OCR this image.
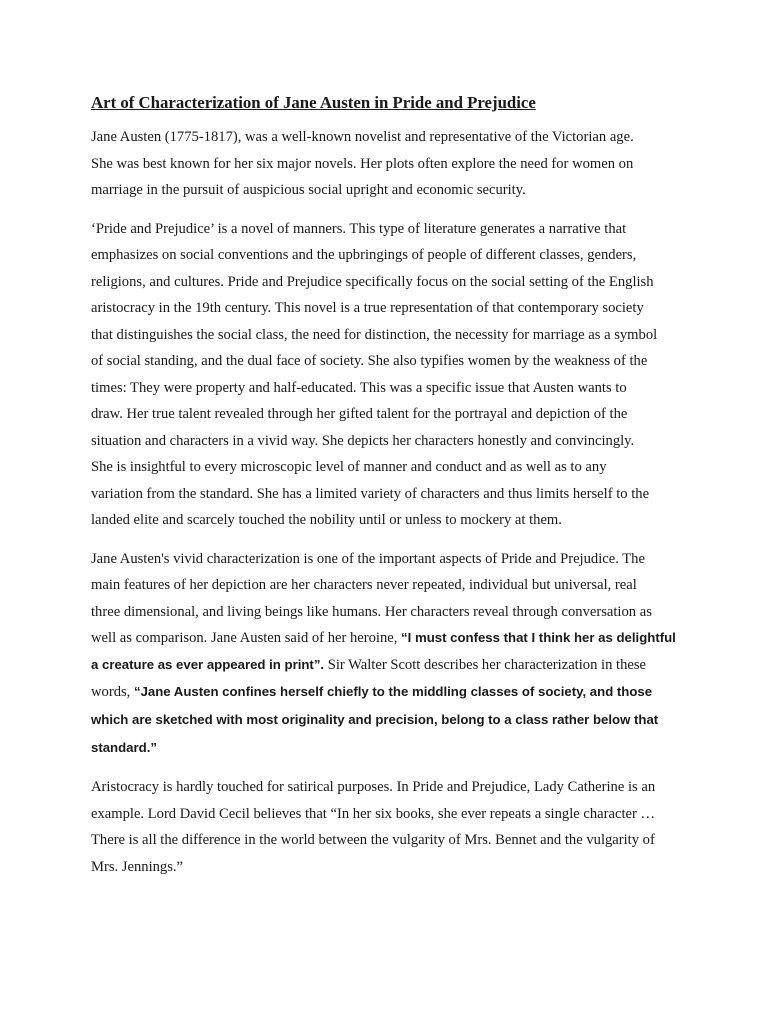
Art of Characterization of Jane Austen in Pride and Prejudice

Jane Austen (1775-1817), was a well-known novelist and representative of the Victorian age.
She was best known for her six major novels. Her plots often explore the need for women on
marriage in the pursuit of auspicious social upright and economic security.

‘Pride and Prejudice’ is a novel of manners. This type of literature generates a narrative that
emphasizes on social conventions and the upbringings of people of different classes, genders,
religions, and cultures. Pride and Prejudice specifically focus on the social setting of the English
aristocracy in the 19th century. This novel is a true representation of that contemporary society
that distinguishes the social class, the need for distinction, the necessity for marriage as a symbol
of social standing, and the dual face of society. She also typifies women by the weakness of the
times: They were property and half-educated. This was a specific issue that Austen wants to
draw. Her true talent revealed through her gifted talent for the portrayal and depiction of the
situation and characters in a vivid way. She depicts her characters honestly and convincingly.
She is insightful to every microscopic level of manner and conduct and as well as to any
variation from the standard. She has a limited variety of characters and thus limits herself to the
landed elite and scarcely touched the nobility until or unless to mockery at them.

Jane Austen's vivid characterization is one of the important aspects of Pride and Prejudice. The
main features of her depiction are her characters never repeated, individual but universal, real
three dimensional, and living beings like humans. Her characters reveal through conversation as
well as comparison. Jane Austen said of her heroine, “I must confess that I think her as delightful
a creature as ever appeared in print”. Sir Walter Scott describes her characterization in these
words, “Jane Austen confines herself chiefly to the middling classes of society, and those
which are sketched with most originality and precision, belong to a class rather below that
standard.”

Aristocracy is hardly touched for satirical purposes. In Pride and Prejudice, Lady Catherine is an
example. Lord David Cecil believes that “In her six books, she ever repeats a single character …
There is all the difference in the world between the vulgarity of Mrs. Bennet and the vulgarity of
Mrs. Jennings.”
